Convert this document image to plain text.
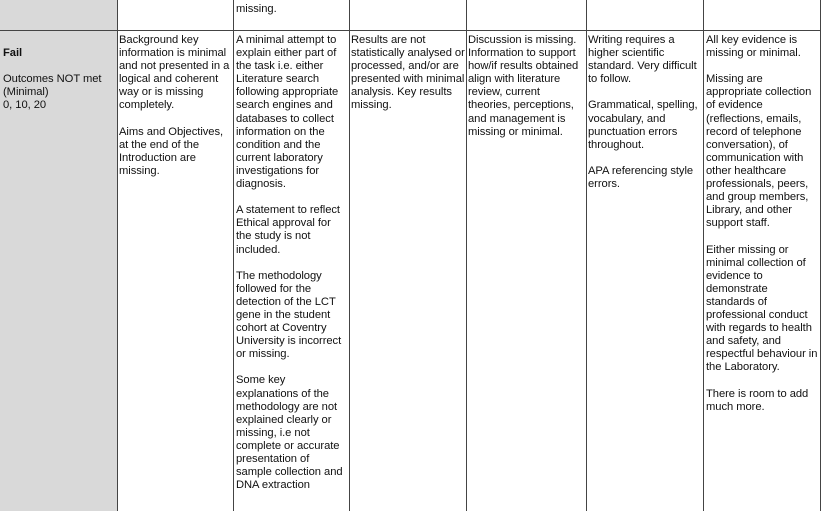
missing.

Fail

Outcomes NOT met
(Minimal)
0, 10, 20

Background key information is minimal and not presented in a logical and coherent way or is missing completely.

Aims and Objectives, at the end of the Introduction are missing.
A minimal attempt to explain either part of the task i.e. either Literature search following appropriate search engines and databases to collect information on the condition and the current laboratory investigations for diagnosis.

A statement to reflect Ethical approval for the study is not included.

The methodology followed for the detection of the LCT gene in the student cohort at Coventry University is incorrect or missing.

Some key explanations of the methodology are not explained clearly or missing, i.e not complete or accurate presentation of sample collection and DNA extraction
Results are not statistically analysed or processed, and/or are presented with minimal analysis. Key results missing.
Discussion is missing. Information to support how/if results obtained align with literature review, current theories, perceptions, and management is missing or minimal.
Writing requires a higher scientific standard. Very difficult to follow.

Grammatical, spelling, vocabulary, and punctuation errors throughout.

APA referencing style errors.
All key evidence is missing or minimal.

Missing are appropriate collection of evidence (reflections, emails, record of telephone conversation), of communication with other healthcare professionals, peers, and group members, Library, and other support staff.

Either missing or minimal collection of evidence to demonstrate standards of professional conduct with regards to health and safety, and respectful behaviour in the Laboratory.

There is room to add much more.
